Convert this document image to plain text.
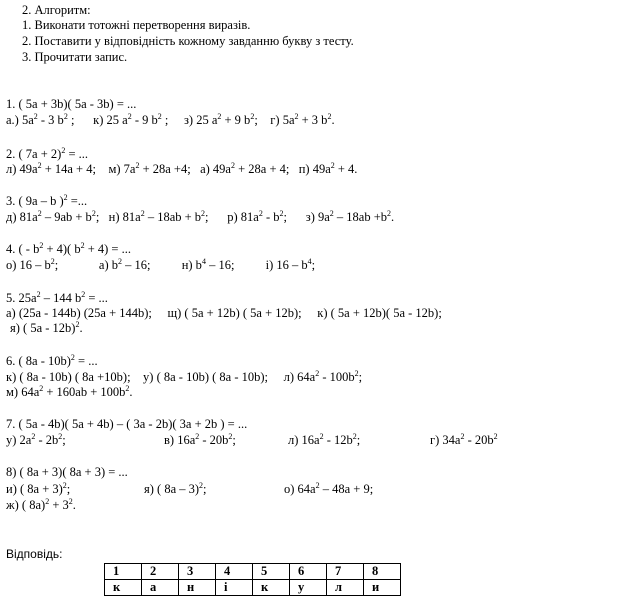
2. Алгоритм:
1. Виконати тотожні перетворення виразів.
2. Поставити у відповідність кожному завданню букву з тесту.
3. Прочитати запис.
1. ( 5a + 3b)( 5a - 3b) = ...
а.) $5a^2 - 3$ $b^2$ ;      к) 25 $a^2 - 9$ $b^2$ ;     з) 25 $a^2 + 9$ $b^2$;    г) $5a^2 + 3$ $b^2$.
2. ( 7a + 2)$^2$ = ...
л) $49a^2 + 14a + 4$;    м) $7a^2 + 28a +4$;   а) $49a^2 + 28a + 4$;   п) $49a^2 + 4$.
3. ( 9a – b )$^2$ =...
д) $81a^2 - 9ab + b^2$;   н) $81a^2 - 18ab + b^2$;      р) $81a^2 - b^2$;      з) $9a^2 - 18ab +b^2$.
4. ( - $b^2 + 4$)( $b^2 + 4$) = ...
о) $16 - b^2$;             а) $b^2 - 16$;          н) $b^4 - 16$;          і) $16 - b^4$;
5. $25a^2 - 144$ $b^2$ = ...
а) (25a - 144b) (25a + 144b);     щ) ( 5a + 12b) ( 5a + 12b);     к) ( 5a + 12b)( 5a - 12b);
я) ( 5a - 12b)$^2$.
6. ( 8a - 10b)$^2$ = ...
к) ( 8a - 10b) ( 8a +10b);    у) ( 8a - 10b) ( 8a - 10b);     л) $64a^2 - 100b^2$;
м) $64a^2 + 160ab + 100b^2$.
7. ( 5a - 4b)( 5a + 4b) – ( 3a - 2b)( 3a + 2b ) = ...
у) $2a^2 - 2b^2$;	в) $16a^2 - 20b^2$;	л) $16a^2 - 12b^2$;	г) $34a^2 - 20b^2$
8) ( 8a + 3)( 8a + 3) = ...
и) ( 8a + 3)$^2$;	я) ( 8a – 3)$^2$;	о) $64a^2 - 48a + 9$;
ж) ( $8a)^2 + 3^2$.
Відповідь:
1	2	3	4	5	6	7	8
к	а	н	і	к	у	л	и
